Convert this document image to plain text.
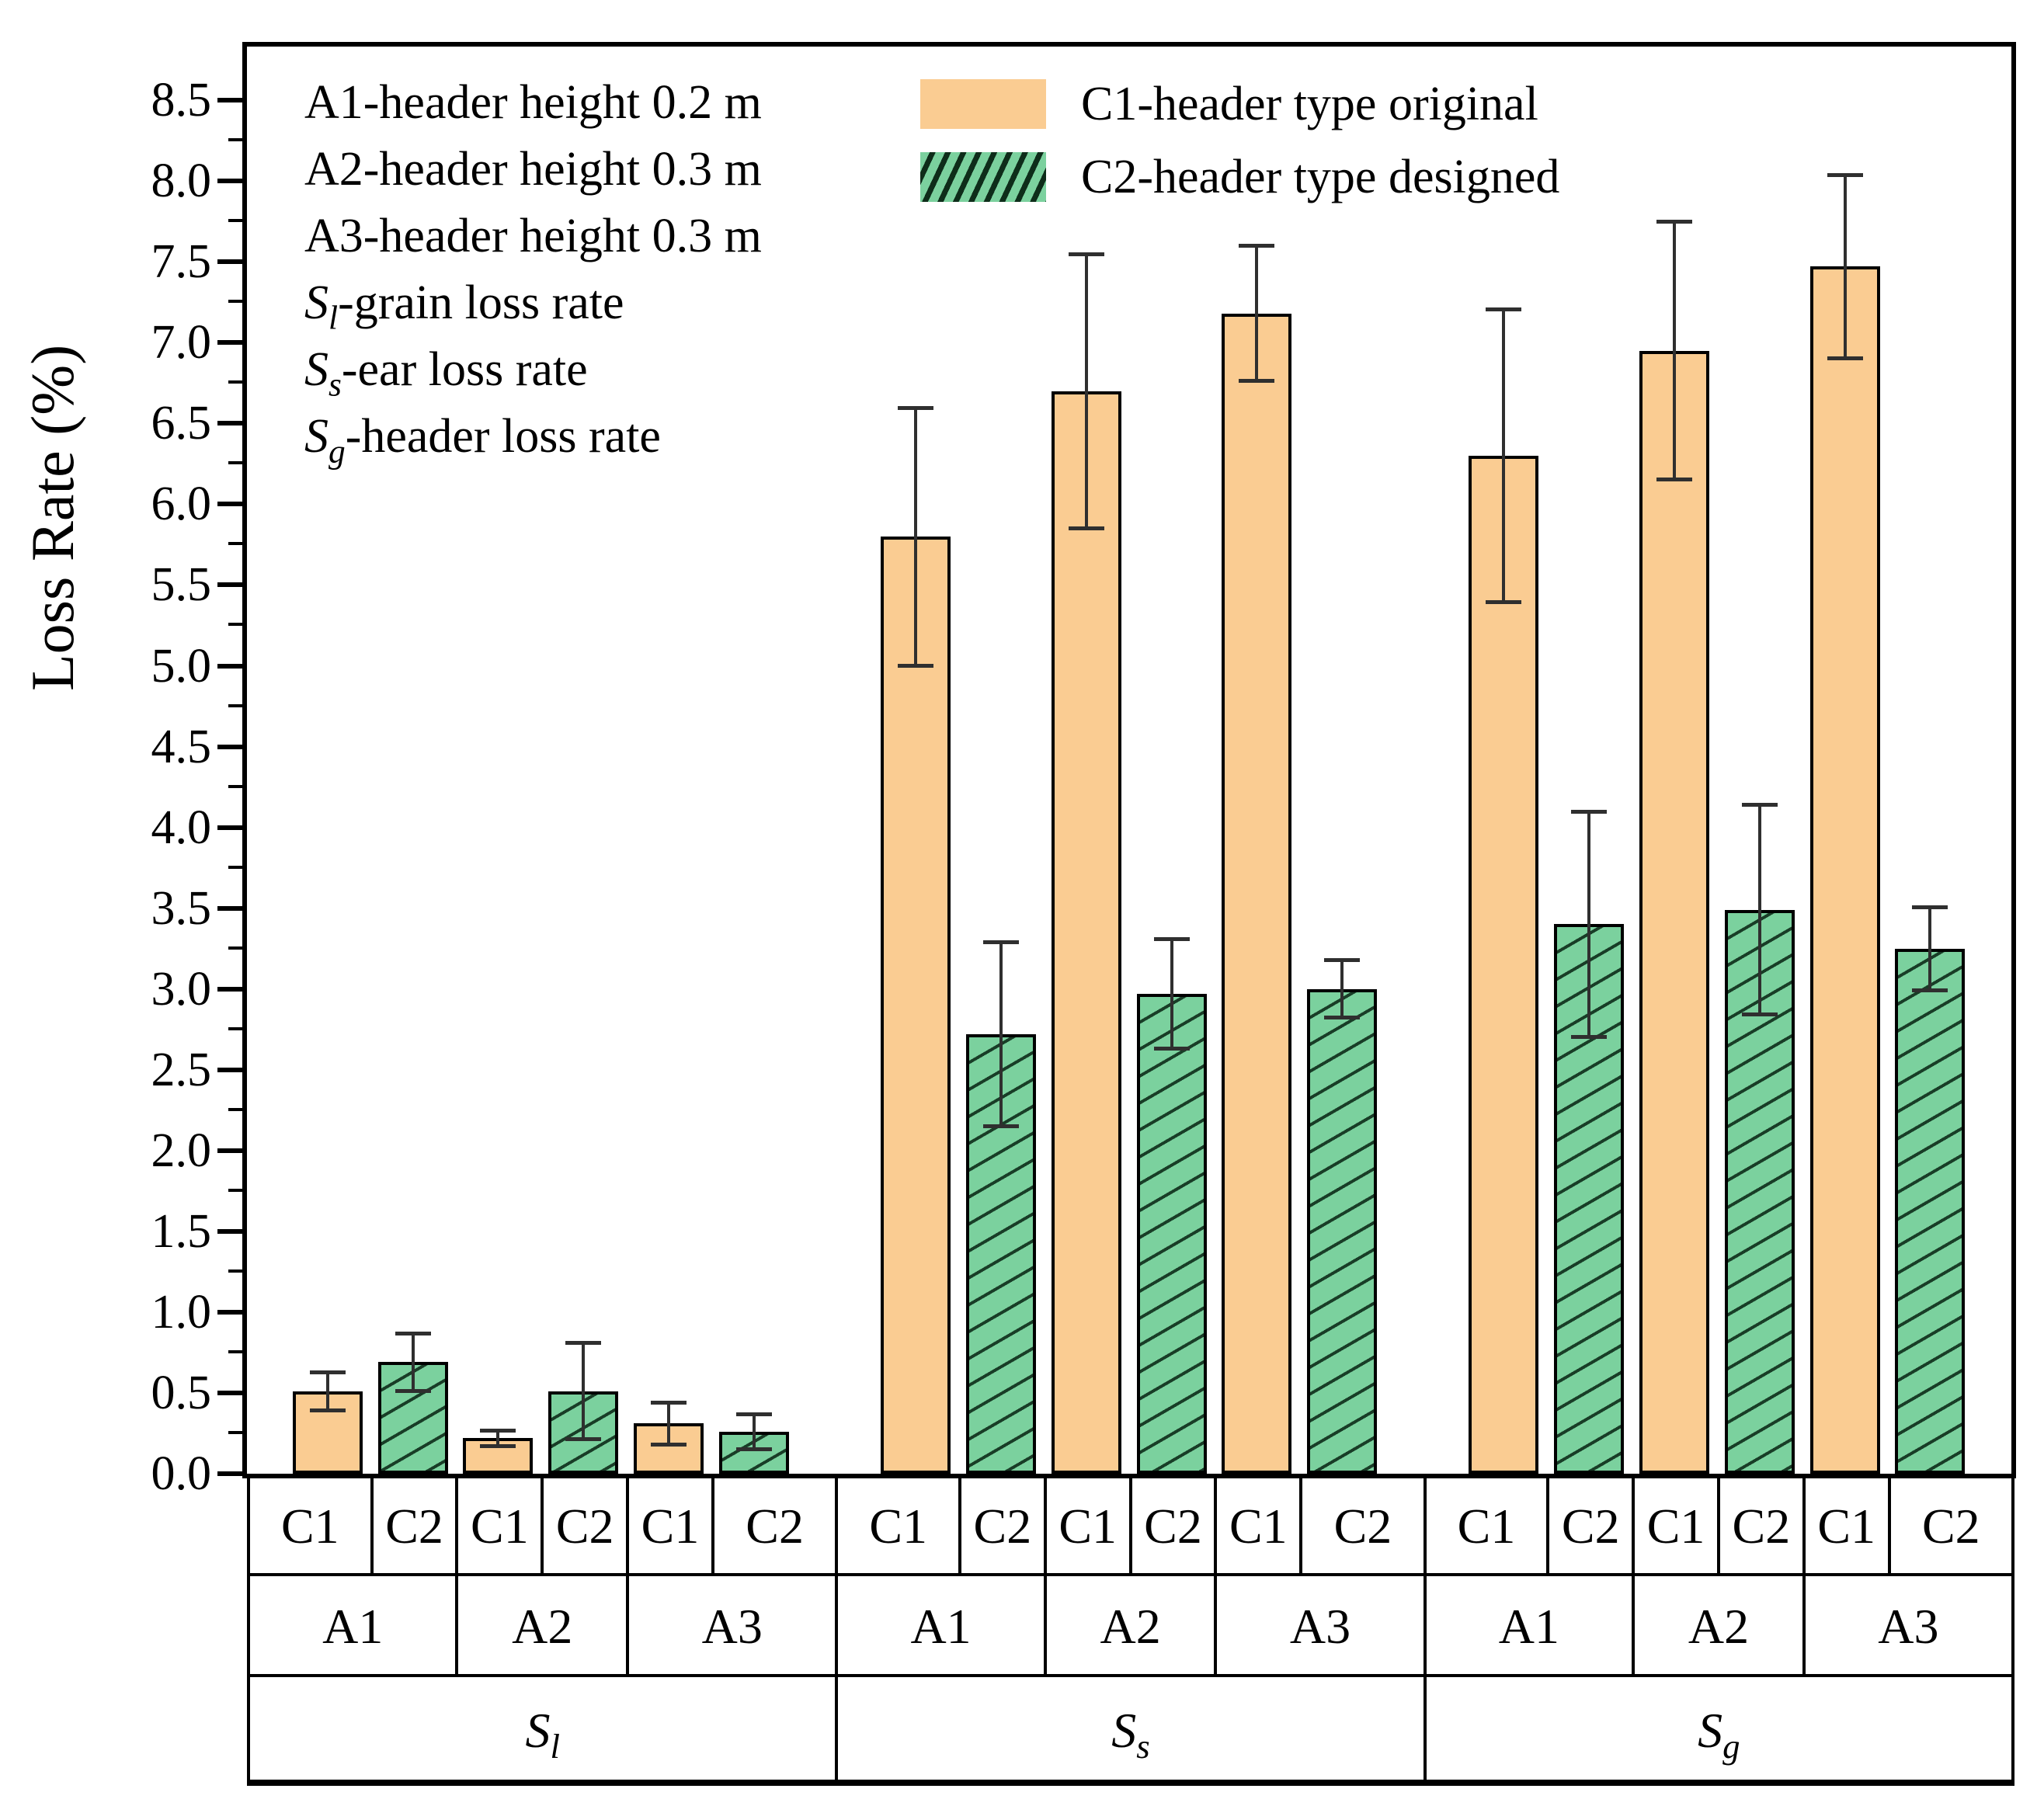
Loss Rate (%)
0.0
0.5
1.0
1.5
2.0
2.5
3.0
3.5
4.0
4.5
5.0
5.5
6.0
6.5
7.0
7.5
8.0
8.5 A1-header height 0.2 m
A2-header height 0.3 m
A3-header height 0.3 m
$S_l$-grain loss rate
$S_s$-ear loss rate
$S_g$-header loss rate
C1-header type original
C2-header type designed
C1 C2
A1
C1 C2
A2
C1 C2
A3
$S_l$
C1 C2
A1
C1 C2
A2
C1 C2
A3
$S_s$
C1 C2
A1
C1 C2
A2
C1 C2
A3
$S_g$
